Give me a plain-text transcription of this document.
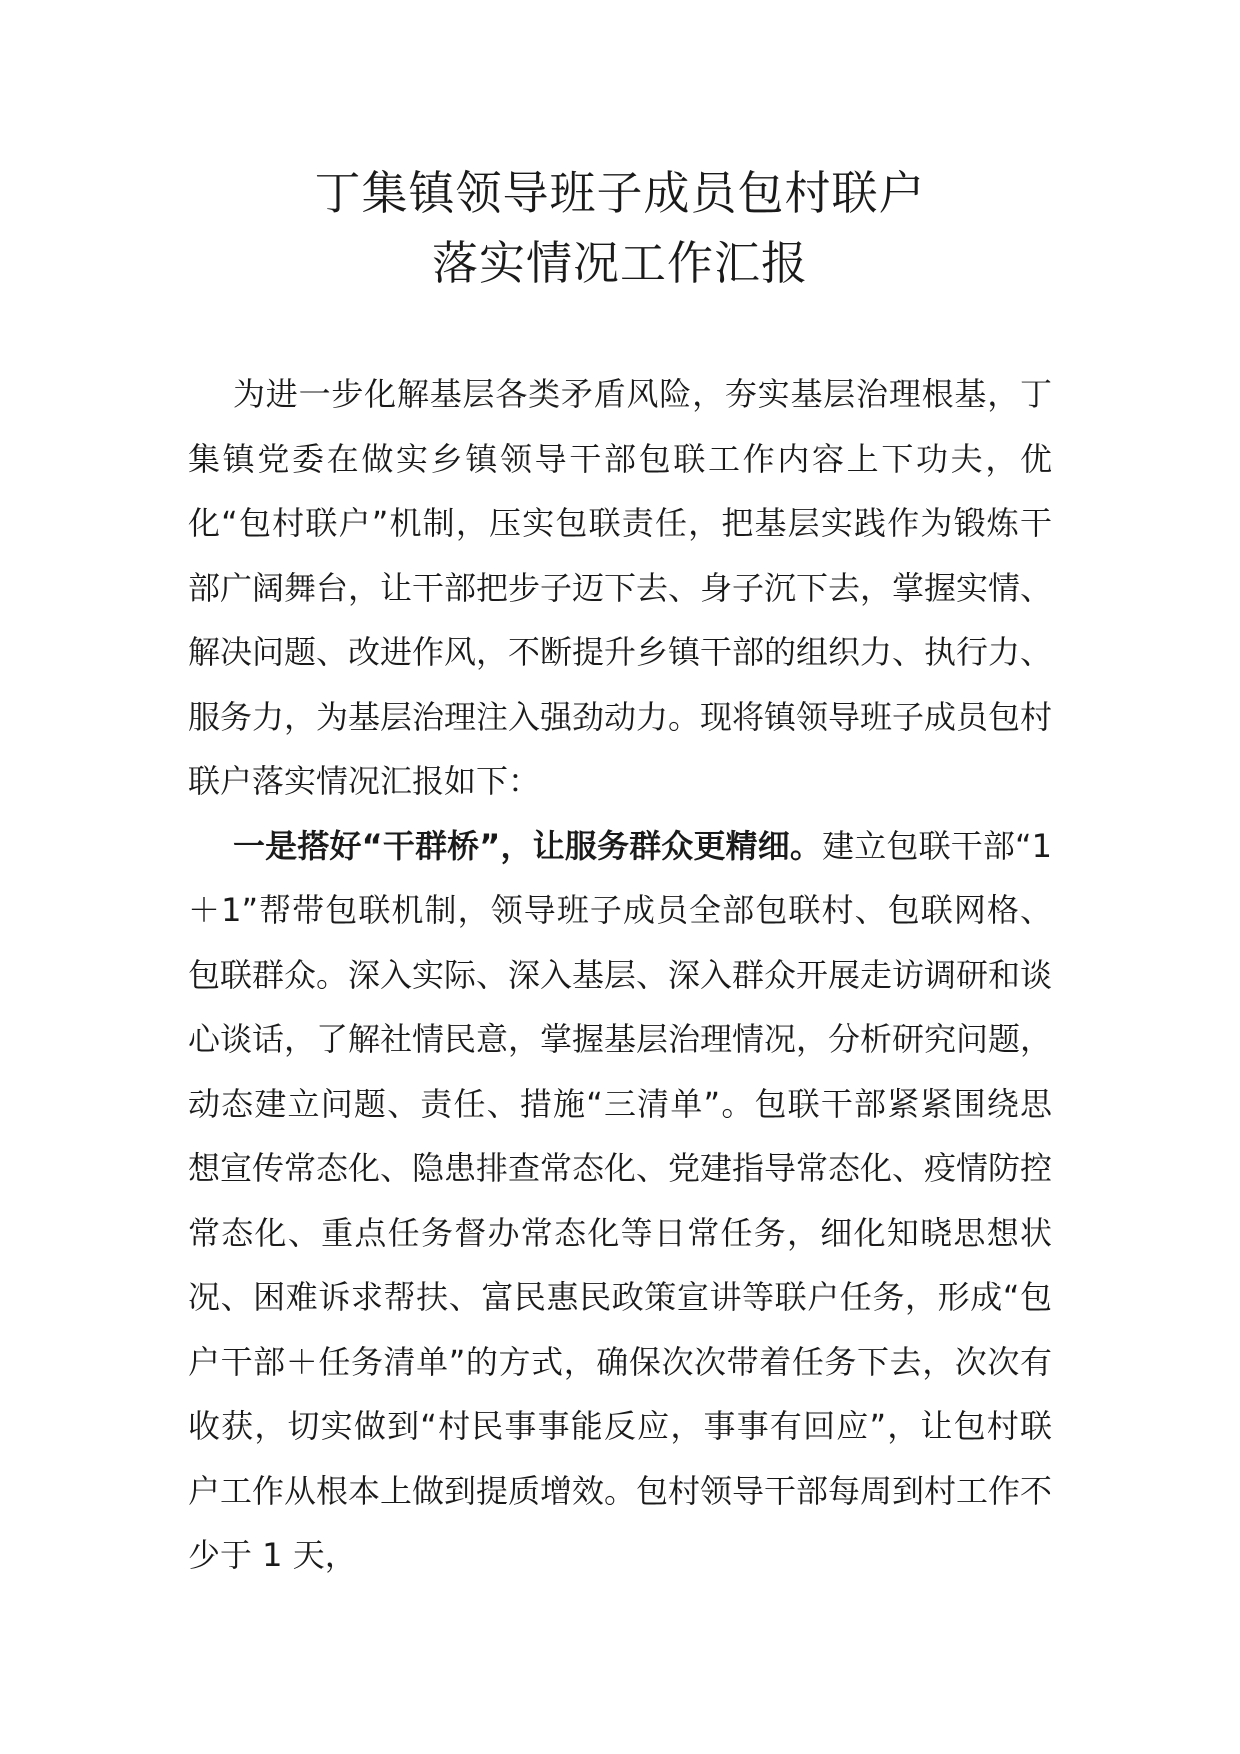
丁集镇领导班子成员包村联户
落实情况工作汇报

为进一步化解基层各类矛盾风险，夯实基层治理根基，丁集镇党委在做实乡镇领导干部包联工作内容上下功夫，优化“包村联户”机制，压实包联责任，把基层实践作为锻炼干部广阔舞台，让干部把步子迈下去、身子沉下去，掌握实情、解决问题、改进作风，不断提升乡镇干部的组织力、执行力、服务力，为基层治理注入强劲动力。现将镇领导班子成员包村联户落实情况汇报如下：

一是搭好“干群桥”，让服务群众更精细。建立包联干部“1＋1”帮带包联机制，领导班子成员全部包联村、包联网格、包联群众。深入实际、深入基层、深入群众开展走访调研和谈心谈话，了解社情民意，掌握基层治理情况，分析研究问题，动态建立问题、责任、措施“三清单”。包联干部紧紧围绕思想宣传常态化、隐患排查常态化、党建指导常态化、疫情防控常态化、重点任务督办常态化等日常任务，细化知晓思想状况、困难诉求帮扶、富民惠民政策宣讲等联户任务，形成“包户干部＋任务清单”的方式，确保次次带着任务下去，次次有收获，切实做到“村民事事能反应，事事有回应”，让包村联户工作从根本上做到提质增效。包村领导干部每周到村工作不少于 1 天，
